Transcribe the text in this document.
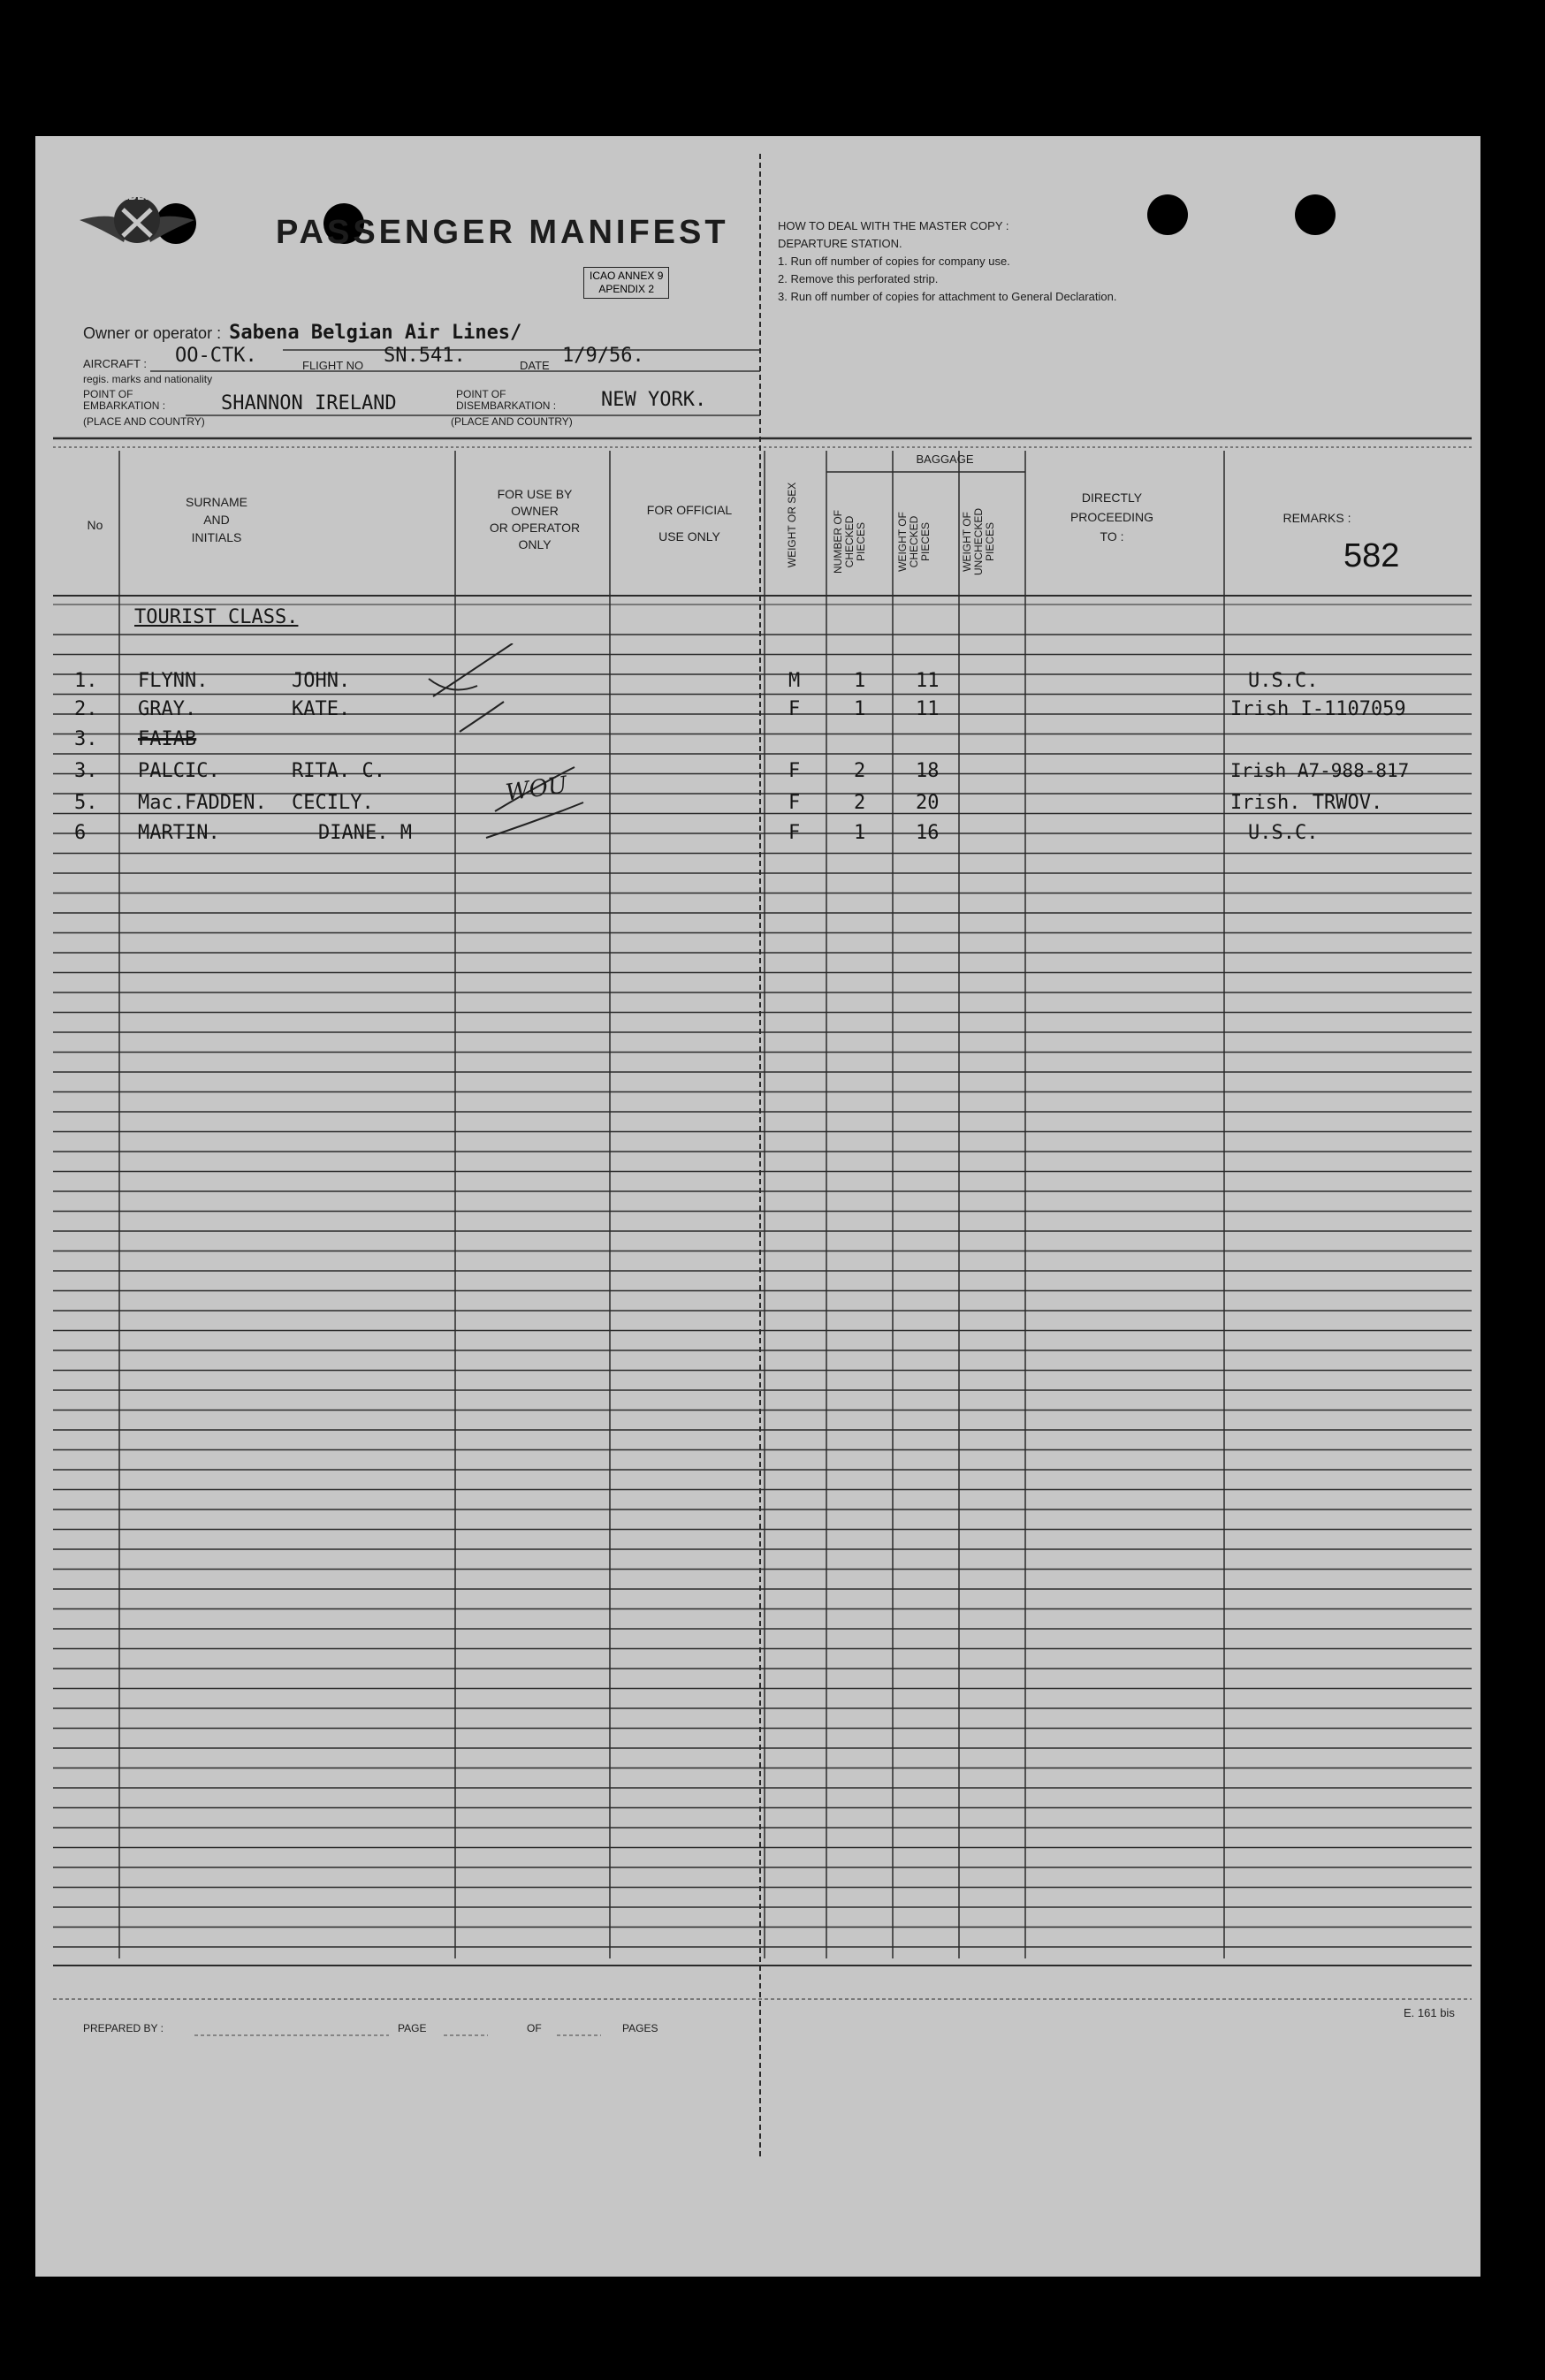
SABENA
PASSENGER MANIFEST
ICAO ANNEX 9
APENDIX 2
Owner or operator : Sabena Belgian Air Lines/
AIRCRAFT : OO-CTK.	FLIGHT NO SN.541.	DATE 1/9/56.
regis. marks and nationality
POINT OF
EMBARKATION :	SHANNON IRELAND
(PLACE AND COUNTRY)
POINT OF
DISEMBARKATION : NEW YORK.
(PLACE AND COUNTRY)
HOW TO DEAL WITH THE MASTER COPY :
DEPARTURE STATION.
1. Run off number of copies for company use.
2. Remove this perforated strip.
3. Run off number of copies for attachment to General Declaration.
No
SURNAME
AND
INITIALS
FOR USE BY
OWNER
OR OPERATOR
ONLY
FOR OFFICIAL
USE ONLY	WEIGHT OR SEX
BAGGAGE
NUMBER OF CHECKED PIECES	WEIGHT OF CHECKED PIECES	WEIGHT OF UNCHECKED PIECES
DIRECTLY
PROCEEDING
TO :
REMARKS :
582
TOURIST CLASS.
1. FLYNN.	JOHN.	M	1	11	U.S.C.
2. GRAY.	KATE.	F	1	11	Irish I-1107059
3. FAIAB
3. PALCIC.	RITA. C.	F	2	18	Irish A7-988-817
5. Mac.FADDEN. CECILY.	F	2	20	Irish. TRWOV.
6	MARTIN.	DIANE. M	F	1	16	U.S.C.
WOU
PREPARED BY :	PAGE	OF	PAGES
E. 161 bis
